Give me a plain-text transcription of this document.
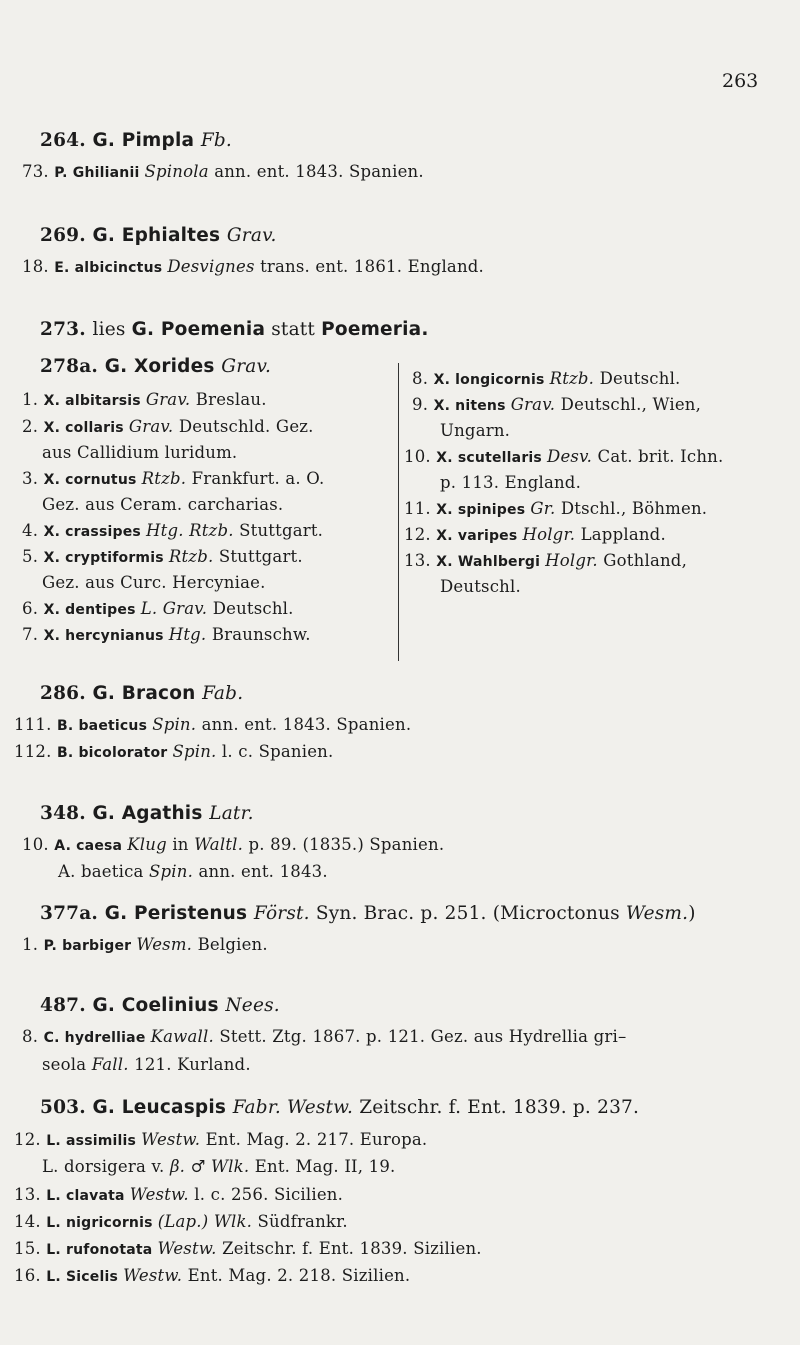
263
264. G. Pimpla Fb.
73. P. Ghilianii Spinola ann. ent. 1843. Spanien.
269. G. Ephialtes Grav.
18. E. albicinctus Desvignes trans. ent. 1861. England.
273. lies G. Poemenia statt Poemeria.
278a. G. Xorides Grav.
1. X. albitarsis Grav. Breslau.
2. X. collaris Grav. Deutschld. Gez.
aus Callidium luridum.
3. X. cornutus Rtzb. Frankfurt. a. O.
Gez. aus Ceram. carcharias.
4. X. crassipes Htg. Rtzb. Stuttgart.
5. X. cryptiformis Rtzb. Stuttgart.
Gez. aus Curc. Hercyniae.
6. X. dentipes L. Grav. Deutschl.
7. X. hercynianus Htg. Braunschw.
8. X. longicornis Rtzb. Deutschl.
9. X. nitens Grav. Deutschl., Wien,
Ungarn.
10. X. scutellaris Desv. Cat. brit. Ichn.
p. 113. England.
11. X. spinipes Gr. Dtschl., Böhmen.
12. X. varipes Holgr. Lappland.
13. X. Wahlbergi Holgr. Gothland,
Deutschl.
286. G. Bracon Fab.
111. B. baeticus Spin. ann. ent. 1843. Spanien.
112. B. bicolorator Spin. l. c. Spanien.
348. G. Agathis Latr.
10. A. caesa Klug in Waltl. p. 89. (1835.) Spanien.
A. baetica Spin. ann. ent. 1843.
377a. G. Peristenus Först. Syn. Brac. p. 251. (Microctonus Wesm.)
1. P. barbiger Wesm. Belgien.
487. G. Coelinius Nees.
8. C. hydrelliae Kawall. Stett. Ztg. 1867. p. 121. Gez. aus Hydrellia gri–
seola Fall. 121. Kurland.
503. G. Leucaspis Fabr. Westw. Zeitschr. f. Ent. 1839. p. 237.
12. L. assimilis Westw. Ent. Mag. 2. 217. Europa.
L. dorsigera v. β. ♂ Wlk. Ent. Mag. II, 19.
13. L. clavata Westw. l. c. 256. Sicilien.
14. L. nigricornis (Lap.) Wlk. Südfrankr.
15. L. rufonotata Westw. Zeitschr. f. Ent. 1839. Sizilien.
16. L. Sicelis Westw. Ent. Mag. 2. 218. Sizilien.
